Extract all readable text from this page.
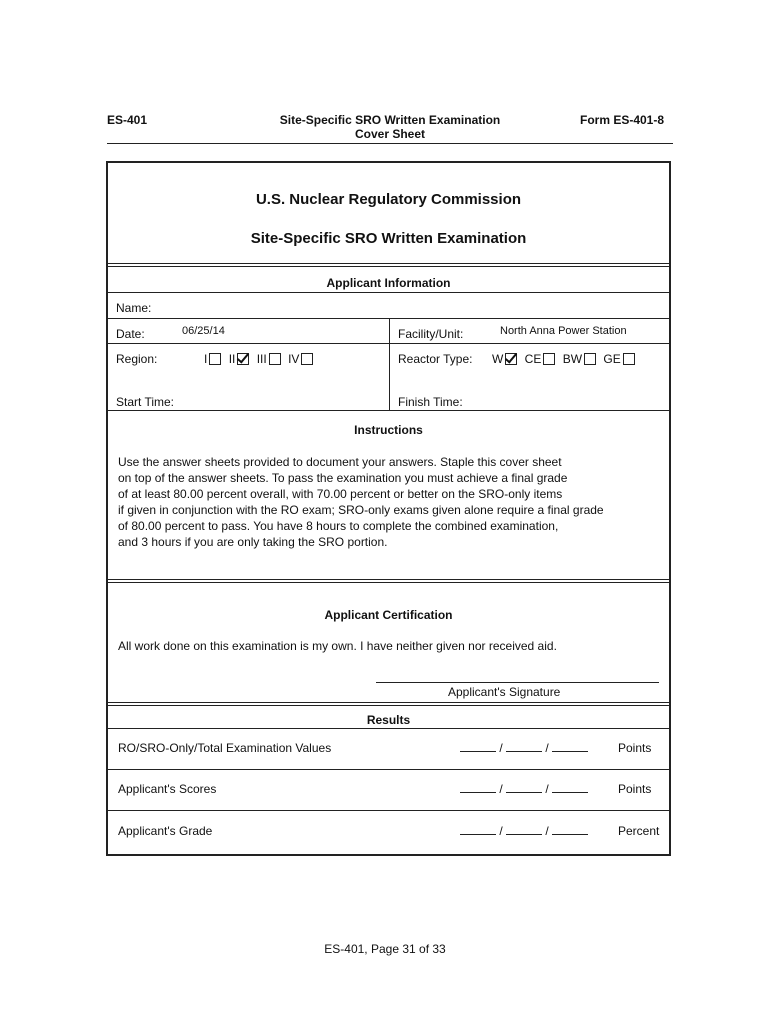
ES-401	Site-Specific SRO Written Examination
Cover Sheet
Form ES-401-8
U.S. Nuclear Regulatory Commission
Site-Specific SRO Written Examination
Applicant Information
Name:
Date:	06/25/14	Facility/Unit:	North Anna Power Station
Region:	I II III IV	Reactor Type: W CE BW GE
Start Time:	Finish Time:
Instructions

Use the answer sheets provided to document your answers. Staple this cover sheet

on top of the answer sheets. To pass the examination you must achieve a final grade

of at least 80.00 percent overall, with 70.00 percent or better on the SRO-only items

if given in conjunction with the RO exam; SRO-only exams given alone require a final grade

of 80.00 percent to pass. You have 8 hours to complete the combined examination,

and 3 hours if you are only taking the SRO portion.

Applicant Certification
All work done on this examination is my own. I have neither given nor received aid.
Applicant's Signature
Results
RO/SRO-Only/Total Examination Values	/	/	Points
Applicant's Scores	/	/	Points
Applicant's Grade	/	/	Percent
ES-401, Page 31 of 33
